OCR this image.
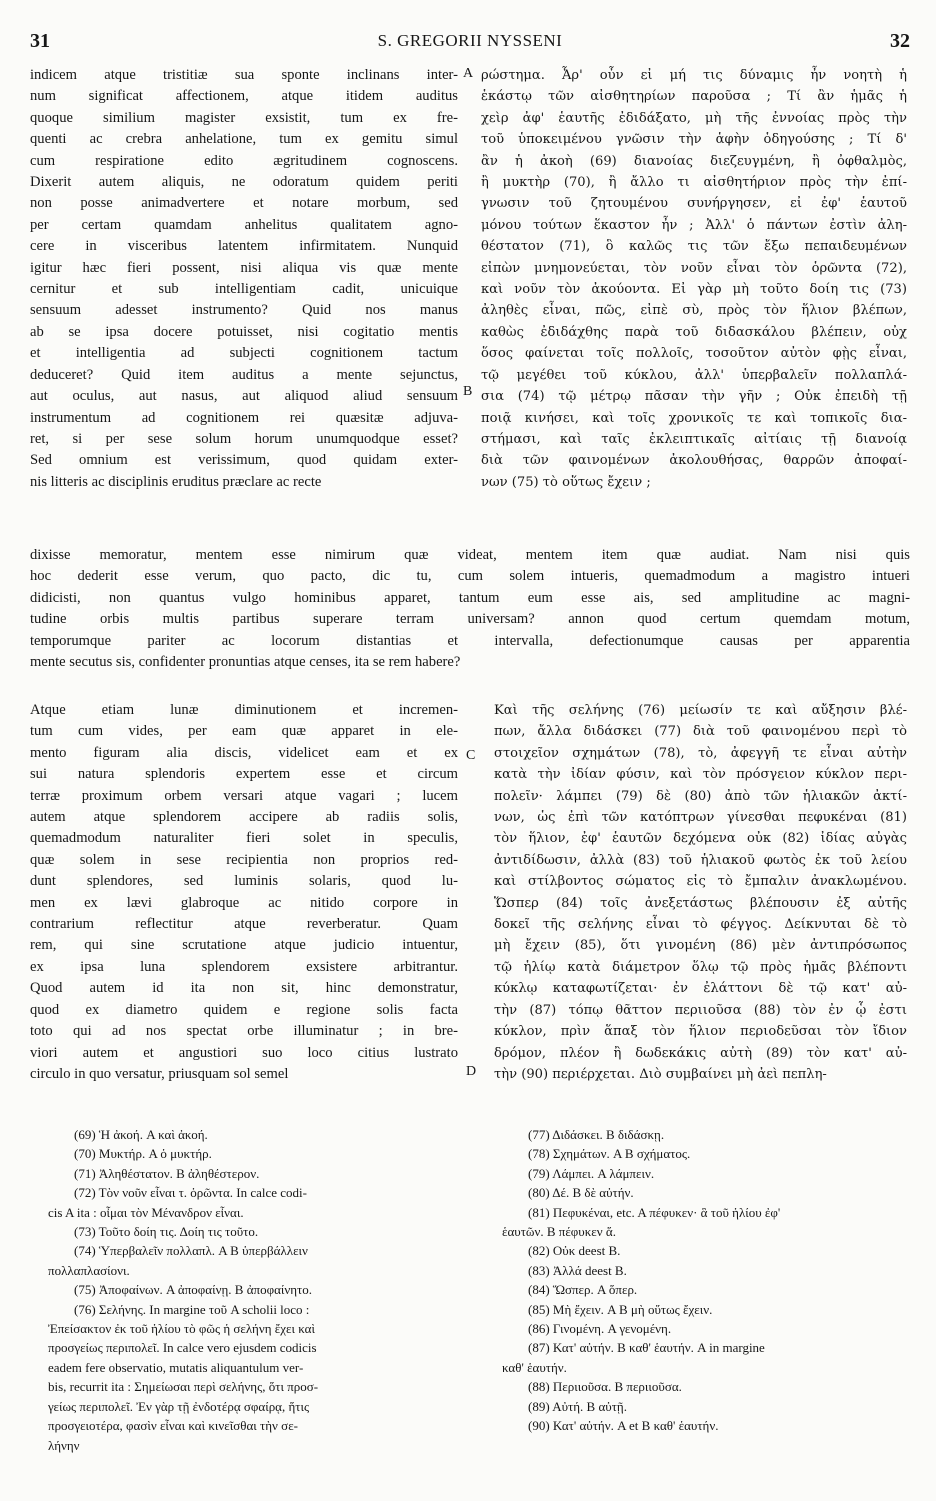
31	S. GREGORII NYSSENI	32
indicem atque tristitiæ sua sponte inclinans inter-
num significat affectionem, atque itidem auditus
quoque similium magister exsistit, tum ex fre-
quenti ac crebra anhelatione, tum ex gemitu simul
cum respiratione edito ægritudinem cognoscens.
Dixerit autem aliquis, ne odoratum quidem periti
non posse animadvertere et notare morbum, sed
per certam quamdam anhelitus qualitatem agno-
cere in visceribus latentem infirmitatem. Nunquid
igitur hæc fieri possent, nisi aliqua vis quæ mente
cernitur et sub intelligentiam cadit, unicuique
sensuum adesset instrumento? Quid nos manus
ab se ipsa docere potuisset, nisi cogitatio mentis
et intelligentia ad subjecti cognitionem tactum
deduceret? Quid item auditus a mente sejunctus,
aut oculus, aut nasus, aut aliquod aliud sensuum
instrumentum ad cognitionem rei quæsitæ adjuva-
ret, si per sese solum horum unumquodque esset?
Sed omnium est verissimum, quod quidam exter-
nis litteris ac disciplinis eruditus præclare ac recte
A
B
ρώστημα. Ἆρ' οὖν εἰ μή τις δύναμις ἦν νοητὴ ἡ
ἑκάστῳ τῶν αἰσθητηρίων παροῦσα ; Τί ἂν ἡμᾶς ἡ
χεὶρ ἀφ' ἑαυτῆς ἐδιδάξατο, μὴ τῆς ἐννοίας πρὸς τὴν
τοῦ ὑποκειμένου γνῶσιν τὴν ἁφὴν ὁδηγούσης ; Τί δ'
ἂν ἡ ἀκοὴ (69) διανοίας διεζευγμένη, ἢ ὀφθαλμὸς,
ἢ μυκτὴρ (70), ἢ ἄλλο τι αἰσθητήριον πρὸς τὴν ἐπί-
γνωσιν τοῦ ζητουμένου συνήργησεν, εἰ ἐφ' ἑαυτοῦ
μόνου τούτων ἕκαστον ἦν ; Ἀλλ' ὁ πάντων ἐστὶν ἀλη-
θέστατον (71), ὃ καλῶς τις τῶν ἔξω πεπαιδευμένων
εἰπὼν μνημονεύεται, τὸν νοῦν εἶναι τὸν ὁρῶντα (72),
καὶ νοῦν τὸν ἀκούοντα. Εἰ γὰρ μὴ τοῦτο δοίη τις (73)
ἀληθὲς εἶναι, πῶς, εἰπὲ σὺ, πρὸς τὸν ἥλιον βλέπων,
καθὼς ἐδιδάχθης παρὰ τοῦ διδασκάλου βλέπειν, οὐχ
ὅσος φαίνεται τοῖς πολλοῖς, τοσοῦτον αὐτὸν φῂς εἶναι,
τῷ μεγέθει τοῦ κύκλου, ἀλλ' ὑπερβαλεῖν πολλαπλά-
σια (74) τῷ μέτρῳ πᾶσαν τὴν γῆν ; Οὐκ ἐπειδὴ τῇ
ποιᾷ κινήσει, καὶ τοῖς χρονικοῖς τε καὶ τοπικοῖς δια-
στήμασι, καὶ ταῖς ἐκλειπτικαῖς αἰτίαις τῇ διανοίᾳ
διὰ τῶν φαινομένων ἀκολουθήσας, θαρρῶν ἀποφαί-
νων (75) τὸ οὕτως ἔχειν ;
dixisse memoratur, mentem esse nimirum quæ videat, mentem item quæ audiat. Nam nisi quis
hoc dederit esse verum, quo pacto, dic tu, cum solem intueris, quemadmodum a magistro intueri
didicisti, non quantus vulgo hominibus apparet, tantum eum esse ais, sed amplitudine ac magni-
tudine orbis multis partibus superare terram universam? annon quod certum quemdam motum,
temporumque pariter ac locorum distantias et intervalla, defectionumque causas per apparentia
mente secutus sis, confidenter pronuntias atque censes, ita se rem habere?
Atque etiam lunæ diminutionem et incremen-
tum cum vides, per eam quæ apparet in ele-
mento figuram alia discis, videlicet eam et ex
sui natura splendoris expertem esse et circum
terræ proximum orbem versari atque vagari ; lucem
autem atque splendorem accipere ab radiis solis,
quemadmodum naturaliter fieri solet in speculis,
quæ solem in sese recipientia non proprios red-
dunt splendores, sed luminis solaris, quod lu-
men ex lævi glabroque ac nitido corpore in
contrarium reflectitur atque reverberatur. Quam
rem, qui sine scrutatione atque judicio intuentur,
ex ipsa luna splendorem exsistere arbitrantur.
Quod autem id ita non sit, hinc demonstratur,
quod ex diametro quidem e regione solis facta
toto qui ad nos spectat orbe illuminatur ; in bre-
viori autem et angustiori suo loco citius lustrato
circulo in quo versatur, priusquam sol semel
C
D
Καὶ τῆς σελήνης (76) μείωσίν τε καὶ αὔξησιν βλέ-
πων, ἄλλα διδάσκει (77) διὰ τοῦ φαινομένου περὶ τὸ
στοιχεῖον σχημάτων (78), τὸ, ἀφεγγῆ τε εἶναι αὐτὴν
κατὰ τὴν ἰδίαν φύσιν, καὶ τὸν πρόσγειον κύκλον περι-
πολεῖν· λάμπει (79) δὲ (80) ἀπὸ τῶν ἡλιακῶν ἀκτί-
νων, ὡς ἐπὶ τῶν κατόπτρων γίνεσθαι πεφυκέναι (81)
τὸν ἥλιον, ἐφ' ἑαυτῶν δεχόμενα οὐκ (82) ἰδίας αὐγὰς
ἀντιδίδωσιν, ἀλλὰ (83) τοῦ ἡλιακοῦ φωτὸς ἐκ τοῦ λείου
καὶ στίλβοντος σώματος εἰς τὸ ἔμπαλιν ἀνακλωμένου.
Ὥσπερ (84) τοῖς ἀνεξετάστως βλέπουσιν ἐξ αὐτῆς
δοκεῖ τῆς σελήνης εἶναι τὸ φέγγος. Δείκνυται δὲ τὸ
μὴ ἔχειν (85), ὅτι γινομένη (86) μὲν ἀντιπρόσωπος
τῷ ἡλίῳ κατὰ διάμετρον ὅλῳ τῷ πρὸς ἡμᾶς βλέποντι
κύκλῳ καταφωτίζεται· ἐν ἐλάττονι δὲ τῷ κατ' αὐ-
τὴν (87) τόπῳ θᾶττον περιιοῦσα (88) τὸν ἐν ᾧ ἐστι
κύκλον, πρὶν ἅπαξ τὸν ἥλιον περιοδεῦσαι τὸν ἴδιον
δρόμον, πλέον ἢ δωδεκάκις αὐτὴ (89) τὸν κατ' αὐ-
τὴν (90) περιέρχεται. Διὸ συμβαίνει μὴ ἀεὶ πεπλη-
(69) Ἡ ἀκοή. A καὶ ἀκοή.
(70) Μυκτήρ. A ὁ μυκτήρ.
(71) Ἀληθέστατον. B ἀληθέστερον.
(72) Τὸν νοῦν εἶναι τ. ὁρῶντα. In calce codi-
cis A ita : οἶμαι τὸν Μένανδρον εἶναι.
(73) Τοῦτο δοίη τις. Δοίη τις τοῦτο.
(74) Ὑπερβαλεῖν πολλαπλ. A B ὑπερβάλλειν
πολλαπλασίονι.
(75) Ἀποφαίνων. A ἀποφαίνῃ. B ἀποφαίνητο.
(76) Σελήνης. In margine τοῦ A scholii loco :
Ἐπείσακτον ἐκ τοῦ ἡλίου τὸ φῶς ἡ σελήνη ἔχει καὶ
προσγείως περιπολεῖ. In calce vero ejusdem codicis
eadem fere observatio, mutatis aliquantulum ver-
bis, recurrit ita : Σημείωσαι περὶ σελήνης, ὅτι προσ-
γείως περιπολεῖ. Ἐν γὰρ τῇ ἐνδοτέρᾳ σφαίρᾳ, ἥτις
προσγειοτέρα, φασὶν εἶναι καὶ κινεῖσθαι τὴν σε-
λήνην
(77) Διδάσκει. B διδάσκῃ.
(78) Σχημάτων. A B σχήματος.
(79) Λάμπει. A λάμπειν.
(80) Δέ. B δὲ αὐτήν.
(81) Πεφυκέναι, etc. A πέφυκεν· ἃ τοῦ ἡλίου ἐφ'
ἑαυτῶν. B πέφυκεν ἅ.
(82) Οὐκ deest B.
(83) Ἀλλά deest B.
(84) Ὥσπερ. A ὅπερ.
(85) Μὴ ἔχειν. A B μὴ οὕτως ἔχειν.
(86) Γινομένη. A γενομένη.
(87) Κατ' αὐτήν. B καθ' ἑαυτήν. A in margine
καθ' ἑαυτήν.
(88) Περιιοῦσα. B περιιοῦσα.
(89) Αὐτή. B αὐτῇ.
(90) Κατ' αὐτήν. A et B καθ' ἑαυτήν.
